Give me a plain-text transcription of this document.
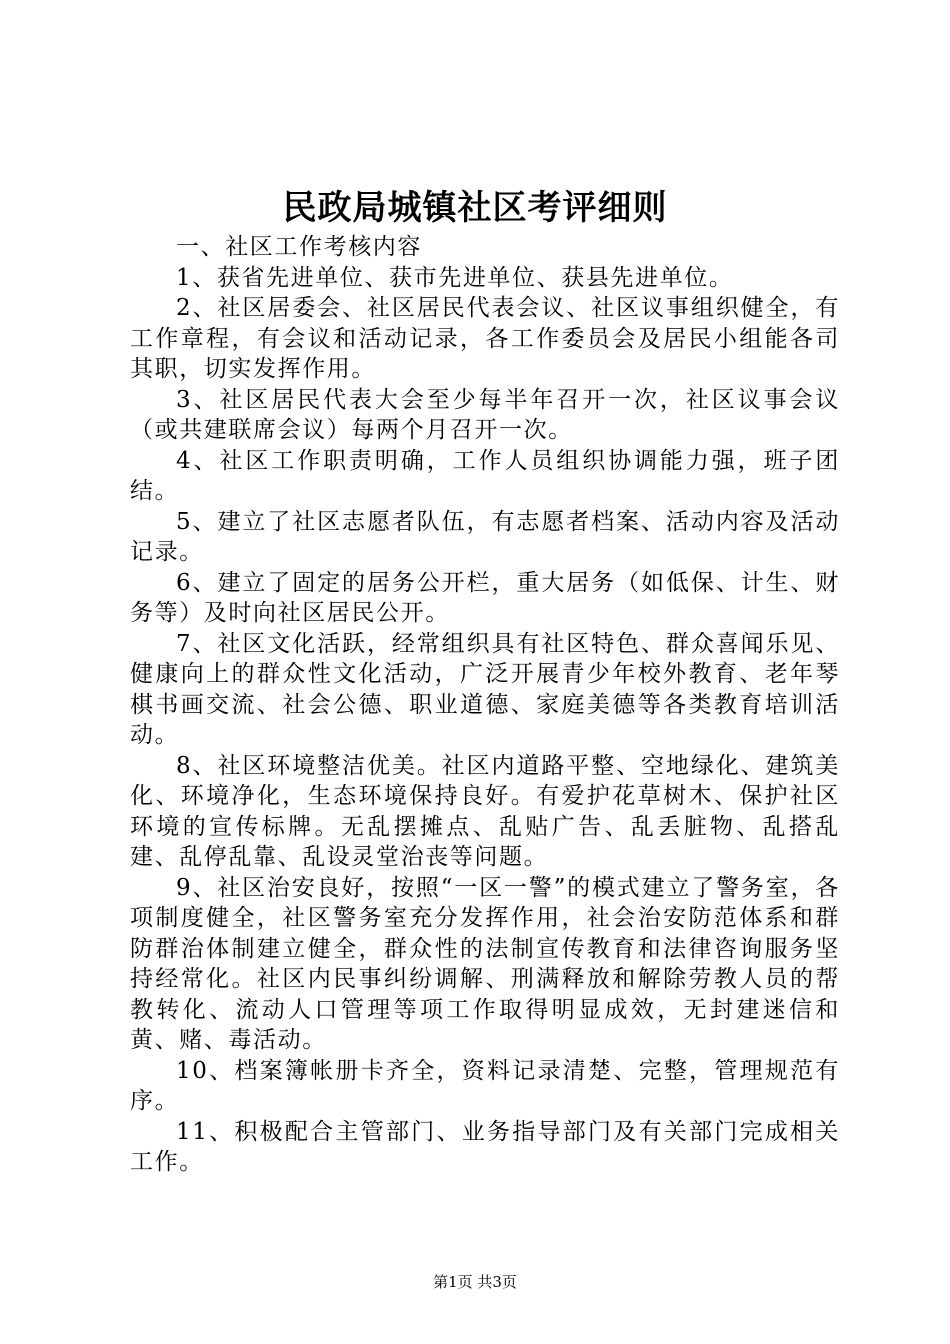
民政局城镇社区考评细则

一、社区工作考核内容

1、获省先进单位、获市先进单位、获县先进单位。

2、社区居委会、社区居民代表会议、社区议事组织健全，有工作章程，有会议和活动记录，各工作委员会及居民小组能各司其职，切实发挥作用。

3、社区居民代表大会至少每半年召开一次，社区议事会议（或共建联席会议）每两个月召开一次。

4、社区工作职责明确，工作人员组织协调能力强，班子团结。

5、建立了社区志愿者队伍，有志愿者档案、活动内容及活动记录。

6、建立了固定的居务公开栏，重大居务（如低保、计生、财务等）及时向社区居民公开。

7、社区文化活跃，经常组织具有社区特色、群众喜闻乐见、健康向上的群众性文化活动，广泛开展青少年校外教育、老年琴棋书画交流、社会公德、职业道德、家庭美德等各类教育培训活动。

8、社区环境整洁优美。社区内道路平整、空地绿化、建筑美化、环境净化，生态环境保持良好。有爱护花草树木、保护社区环境的宣传标牌。无乱摆摊点、乱贴广告、乱丢脏物、乱搭乱建、乱停乱靠、乱设灵堂治丧等问题。

9、社区治安良好，按照“一区一警”的模式建立了警务室，各项制度健全，社区警务室充分发挥作用，社会治安防范体系和群防群治体制建立健全，群众性的法制宣传教育和法律咨询服务坚持经常化。社区内民事纠纷调解、刑满释放和解除劳教人员的帮教转化、流动人口管理等项工作取得明显成效，无封建迷信和黄、赌、毒活动。

10、档案簿帐册卡齐全，资料记录清楚、完整，管理规范有序。

11、积极配合主管部门、业务指导部门及有关部门完成相关工作。

第1页 共3页
